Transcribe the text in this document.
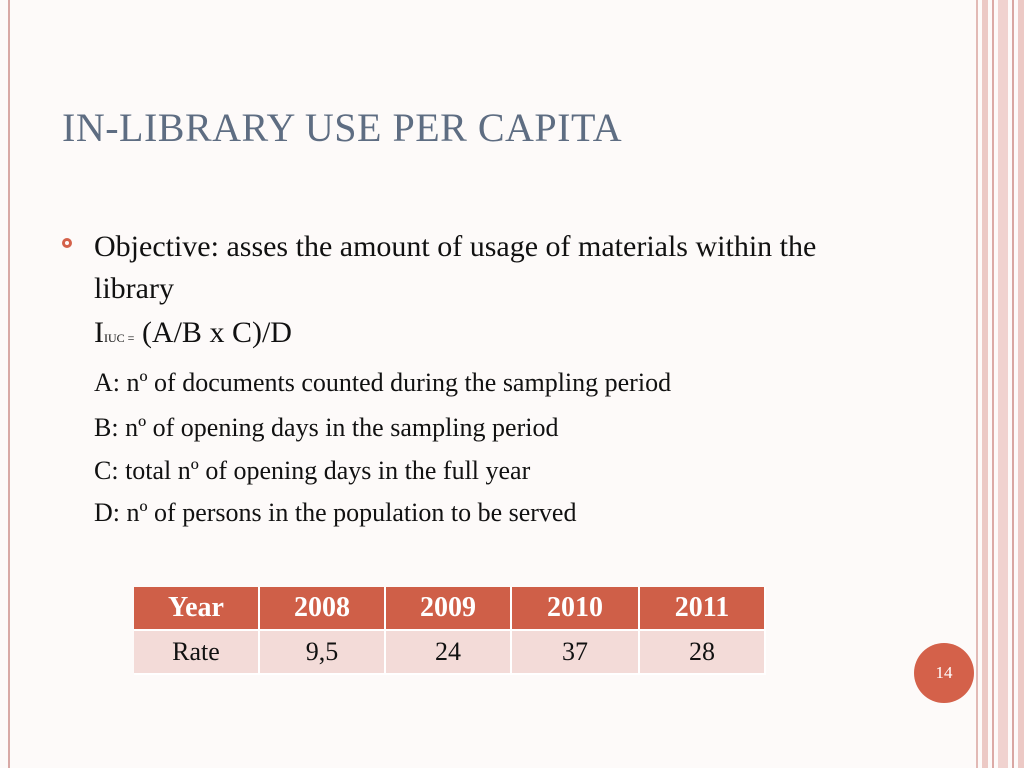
IN-LIBRARY USE PER CAPITA
Objective: asses the amount of usage of materials within the library
IIUC = (A/B x C)/D
A: nº of documents counted during the sampling period
B: nº of opening days in the sampling period
C: total nº of opening days in the full year
D: nº of persons in the population to be served
Year	2008	2009	2010	2011
Rate	9,5	24	37	28
14
